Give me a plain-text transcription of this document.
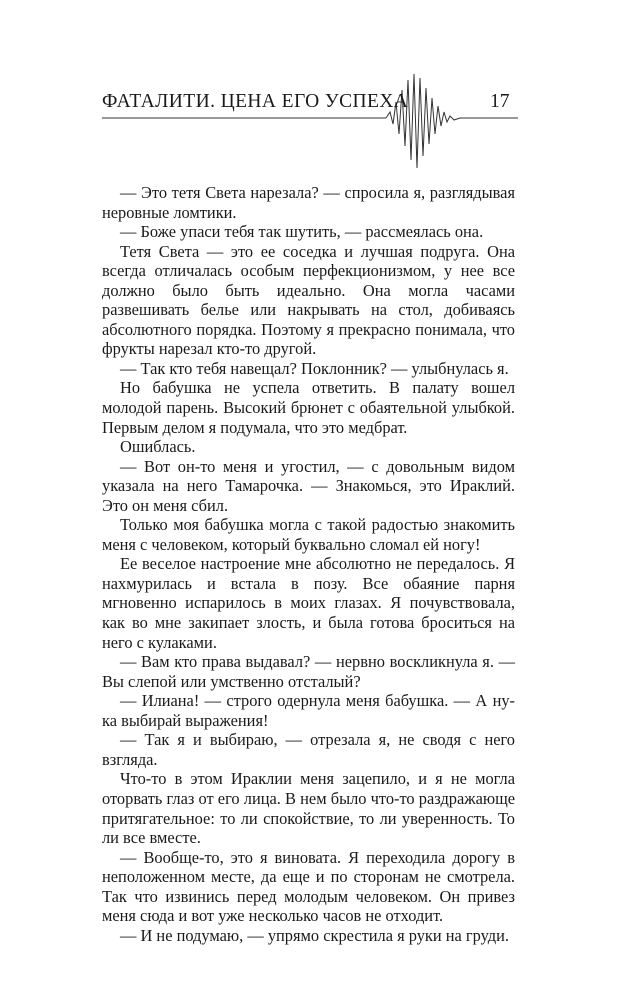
ФАТАЛИТИ. ЦЕНА ЕГО УСПЕХА	17

— Это тетя Света нарезала? — спросила я, разглядывая неровные ломтики.

— Боже упаси тебя так шутить, — рассмеялась она.

Тетя Света — это ее соседка и лучшая подруга. Она всегда отличалась особым перфекционизмом, у нее все должно было быть идеально. Она могла часами развешивать белье или накрывать на стол, добиваясь абсолютного порядка. Поэтому я прекрасно понимала, что фрукты нарезал кто-то другой.

— Так кто тебя навещал? Поклонник? — улыбнулась я.

Но бабушка не успела ответить. В палату вошел молодой парень. Высокий брюнет с обаятельной улыбкой. Первым делом я подумала, что это медбрат.

Ошиблась.

— Вот он-то меня и угостил, — с довольным видом указала на него Тамарочка. — Знакомься, это Ираклий. Это он меня сбил.

Только моя бабушка могла с такой радостью знакомить меня с человеком, который буквально сломал ей ногу!

Ее веселое настроение мне абсолютно не передалось. Я нахмурилась и встала в позу. Все обаяние парня мгновенно испарилось в моих глазах. Я почувствовала, как во мне закипает злость, и была готова броситься на него с кулаками.

— Вам кто права выдавал? — нервно воскликнула я. — Вы слепой или умственно отсталый?

— Илиана! — строго одернула меня бабушка. — А ну-ка выбирай выражения!

— Так я и выбираю, — отрезала я, не сводя с него взгляда.

Что-то в этом Ираклии меня зацепило, и я не могла оторвать глаз от его лица. В нем было что-то раздражающе притягательное: то ли спокойствие, то ли уверенность. То ли все вместе.

— Вообще-то, это я виновата. Я переходила дорогу в неположенном месте, да еще и по сторонам не смотрела. Так что извинись перед молодым человеком. Он привез меня сюда и вот уже несколько часов не отходит.

— И не подумаю, — упрямо скрестила я руки на груди.
